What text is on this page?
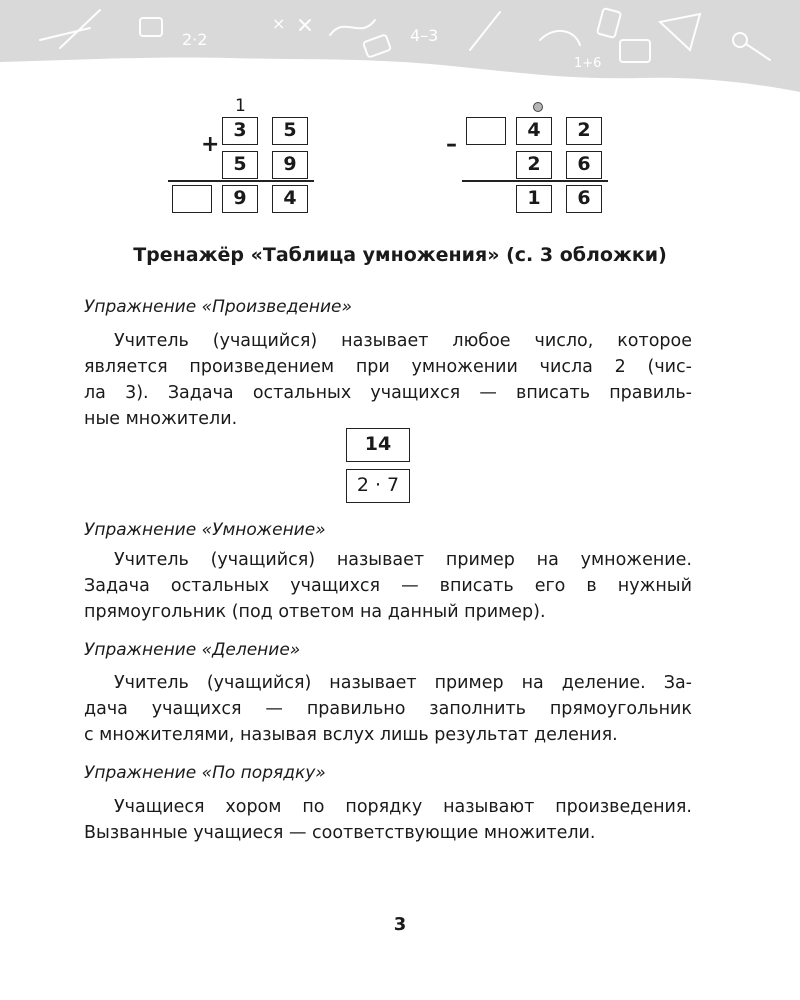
2·2
×
4–3
1+6
1
3	5
+
5	9
9	4
4	2
–
2	6
1	6
Тренажёр «Таблица умножения» (с. 3 обложки)
Упражнение «Произведение»
Учитель (учащийся) называет любое число, которое
является произведением при умножении числа 2 (чис-
ла 3). Задача остальных учащихся — вписать правиль-
ные множители.
14
2 · 7
Упражнение «Умножение»
Учитель (учащийся) называет пример на умножение.
Задача остальных учащихся — вписать его в нужный
прямоугольник (под ответом на данный пример).
Упражнение «Деление»
Учитель (учащийся) называет пример на деление. За-
дача учащихся — правильно заполнить прямоугольник
с множителями, называя вслух лишь результат деления.
Упражнение «По порядку»
Учащиеся хором по порядку называют произведения.
Вызванные учащиеся — соответствующие множители.
3
